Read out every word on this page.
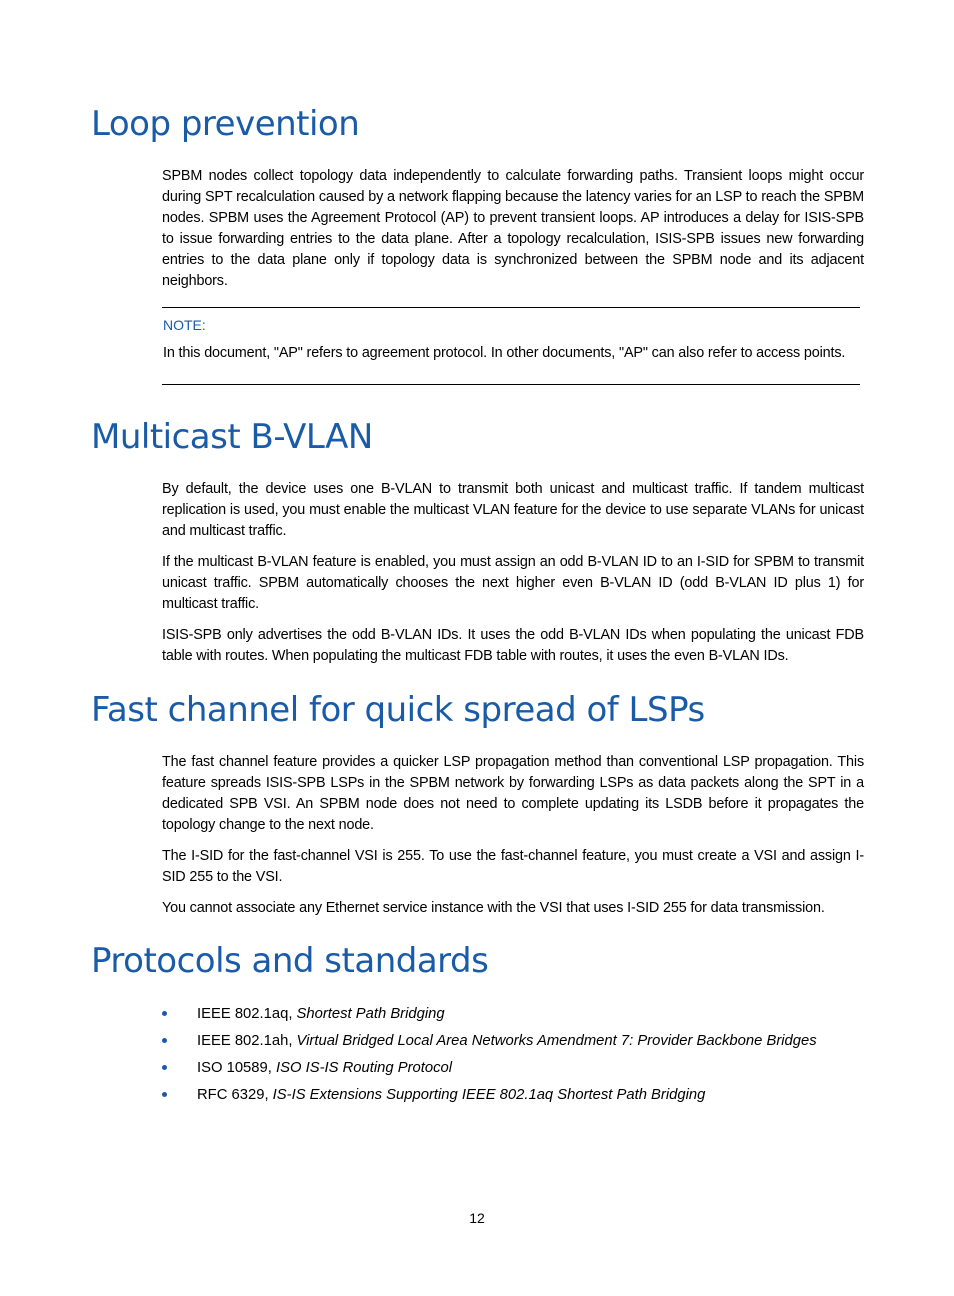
Loop prevention

SPBM nodes collect topology data independently to calculate forwarding paths. Transient loops might occur during SPT recalculation caused by a network flapping because the latency varies for an LSP to reach the SPBM nodes. SPBM uses the Agreement Protocol (AP) to prevent transient loops. AP introduces a delay for ISIS-SPB to issue forwarding entries to the data plane. After a topology recalculation, ISIS-SPB issues new forwarding entries to the data plane only if topology data is synchronized between the SPBM node and its adjacent neighbors.

NOTE:
In this document, "AP" refers to agreement protocol. In other documents, "AP" can also refer to access points.
Multicast B-VLAN

By default, the device uses one B-VLAN to transmit both unicast and multicast traffic. If tandem multicast replication is used, you must enable the multicast VLAN feature for the device to use separate VLANs for unicast and multicast traffic.

If the multicast B-VLAN feature is enabled, you must assign an odd B-VLAN ID to an I-SID for SPBM to transmit unicast traffic. SPBM automatically chooses the next higher even B-VLAN ID (odd B-VLAN ID plus 1) for multicast traffic.

ISIS-SPB only advertises the odd B-VLAN IDs. It uses the odd B-VLAN IDs when populating the unicast FDB table with routes. When populating the multicast FDB table with routes, it uses the even B-VLAN IDs.

Fast channel for quick spread of LSPs

The fast channel feature provides a quicker LSP propagation method than conventional LSP propagation. This feature spreads ISIS-SPB LSPs in the SPBM network by forwarding LSPs as data packets along the SPT in a dedicated SPB VSI. An SPBM node does not need to complete updating its LSDB before it propagates the topology change to the next node.

The I-SID for the fast-channel VSI is 255. To use the fast-channel feature, you must create a VSI and assign I-SID 255 to the VSI.

You cannot associate any Ethernet service instance with the VSI that uses I-SID 255 for data transmission.

Protocols and standards
IEEE 802.1aq, Shortest Path Bridging
IEEE 802.1ah, Virtual Bridged Local Area Networks Amendment 7: Provider Backbone Bridges
ISO 10589, ISO IS-IS Routing Protocol
RFC 6329, IS-IS Extensions Supporting IEEE 802.1aq Shortest Path Bridging
12
